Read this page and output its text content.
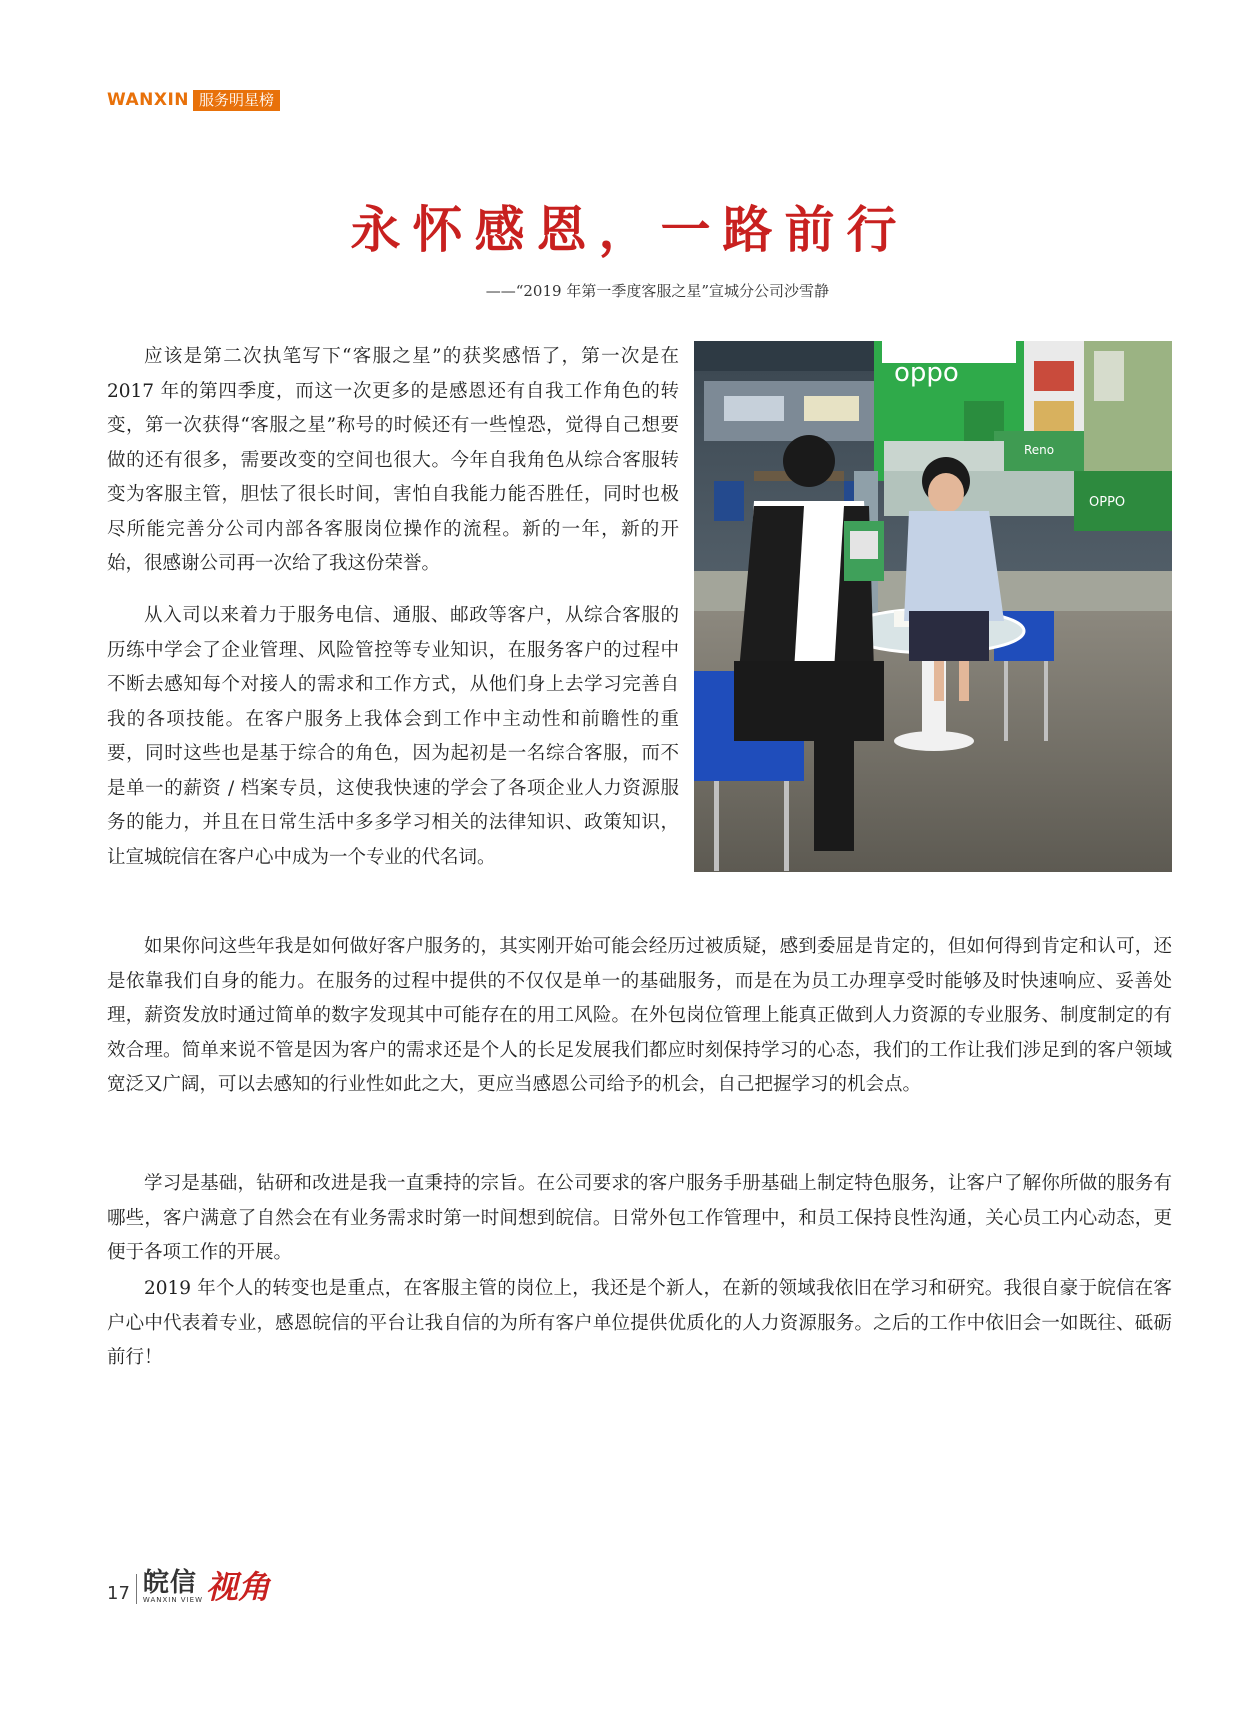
WANXIN 服务明星榜
永怀感恩，一路前行
——“2019 年第一季度客服之星”宣城分公司沙雪静

应该是第二次执笔写下“客服之星”的获奖感悟了，第一次是在 2017 年的第四季度，而这一次更多的是感恩还有自我工作角色的转变，第一次获得“客服之星”称号的时候还有一些惶恐，觉得自己想要做的还有很多，需要改变的空间也很大。今年自我角色从综合客服转变为客服主管，胆怯了很长时间，害怕自我能力能否胜任，同时也极尽所能完善分公司内部各客服岗位操作的流程。新的一年，新的开始，很感谢公司再一次给了我这份荣誉。

oppo
Reno
OPPO

从入司以来着力于服务电信、通服、邮政等客户，从综合客服的历练中学会了企业管理、风险管控等专业知识，在服务客户的过程中不断去感知每个对接人的需求和工作方式，从他们身上去学习完善自我的各项技能。在客户服务上我体会到工作中主动性和前瞻性的重要，同时这些也是基于综合的角色，因为起初是一名综合客服，而不是单一的薪资 / 档案专员，这使我快速的学会了各项企业人力资源服务的能力，并且在日常生活中多多学习相关的法律知识、政策知识，让宣城皖信在客户心中成为一个专业的代名词。

如果你问这些年我是如何做好客户服务的，其实刚开始可能会经历过被质疑，感到委屈是肯定的，但如何得到肯定和认可，还是依靠我们自身的能力。在服务的过程中提供的不仅仅是单一的基础服务，而是在为员工办理享受时能够及时快速响应、妥善处理，薪资发放时通过简单的数字发现其中可能存在的用工风险。在外包岗位管理上能真正做到人力资源的专业服务、制度制定的有效合理。简单来说不管是因为客户的需求还是个人的长足发展我们都应时刻保持学习的心态，我们的工作让我们涉足到的客户领域宽泛又广阔，可以去感知的行业性如此之大，更应当感恩公司给予的机会，自己把握学习的机会点。

学习是基础，钻研和改进是我一直秉持的宗旨。在公司要求的客户服务手册基础上制定特色服务，让客户了解你所做的服务有哪些，客户满意了自然会在有业务需求时第一时间想到皖信。日常外包工作管理中，和员工保持良性沟通，关心员工内心动态，更便于各项工作的开展。

2019 年个人的转变也是重点，在客服主管的岗位上，我还是个新人，在新的领域我依旧在学习和研究。我很自豪于皖信在客户心中代表着专业，感恩皖信的平台让我自信的为所有客户单位提供优质化的人力资源服务。之后的工作中依旧会一如既往、砥砺前行！

17 皖信
WANXIN VIEW 视角
